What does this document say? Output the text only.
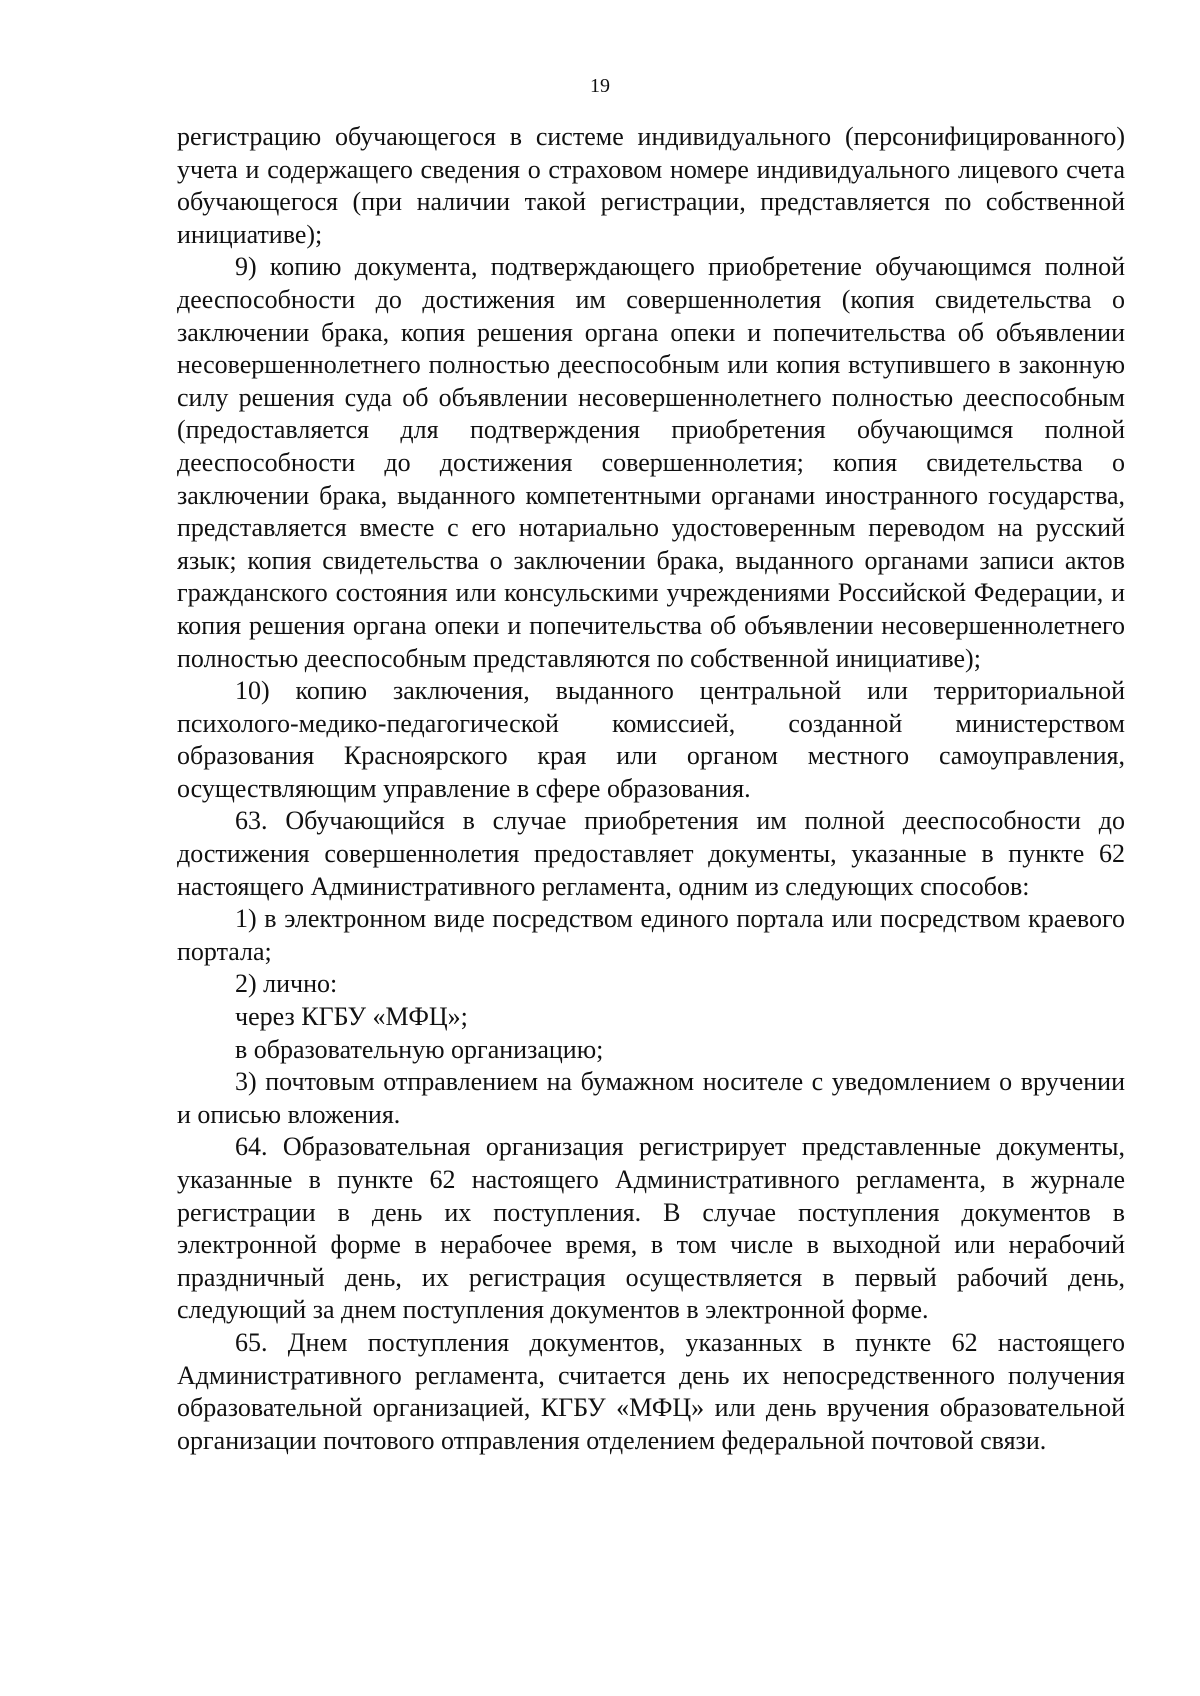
19

регистрацию обучающегося в системе индивидуального (персонифицированного) учета и содержащего сведения о страховом номере индивидуального лицевого счета обучающегося (при наличии такой регистрации, представляется по собственной инициативе);

9) копию документа, подтверждающего приобретение обучающимся полной дееспособности до достижения им совершеннолетия (копия свидетельства о заключении брака, копия решения органа опеки и попечительства об объявлении несовершеннолетнего полностью дееспособным или копия вступившего в законную силу решения суда об объявлении несовершеннолетнего полностью дееспособным (предоставляется для подтверждения приобретения обучающимся полной дееспособности до достижения совершеннолетия; копия свидетельства о заключении брака, выданного компетентными органами иностранного государства, представляется вместе с его нотариально удостоверенным переводом на русский язык; копия свидетельства о заключении брака, выданного органами записи актов гражданского состояния или консульскими учреждениями Российской Федерации, и копия решения органа опеки и попечительства об объявлении несовершеннолетнего полностью дееспособным представляются по собственной инициативе);

10) копию заключения, выданного центральной или территориальной психолого-медико-педагогической комиссией, созданной министерством образования Красноярского края или органом местного самоуправления, осуществляющим управление в сфере образования.

63. Обучающийся в случае приобретения им полной дееспособности до достижения совершеннолетия предоставляет документы, указанные в пункте 62 настоящего Административного регламента, одним из следующих способов:

1) в электронном виде посредством единого портала или посредством краевого портала;

2) лично:

через КГБУ «МФЦ»;

в образовательную организацию;

3) почтовым отправлением на бумажном носителе с уведомлением о вручении и описью вложения.

64. Образовательная организация регистрирует представленные документы, указанные в пункте 62 настоящего Административного регламента, в журнале регистрации в день их поступления. В случае поступления документов в электронной форме в нерабочее время, в том числе в выходной или нерабочий праздничный день, их регистрация осуществляется в первый рабочий день, следующий за днем поступления документов в электронной форме.

65. Днем поступления документов, указанных в пункте 62 настоящего Административного регламента, считается день их непосредственного получения образовательной организацией, КГБУ «МФЦ» или день вручения образовательной организации почтового отправления отделением федеральной почтовой связи.
